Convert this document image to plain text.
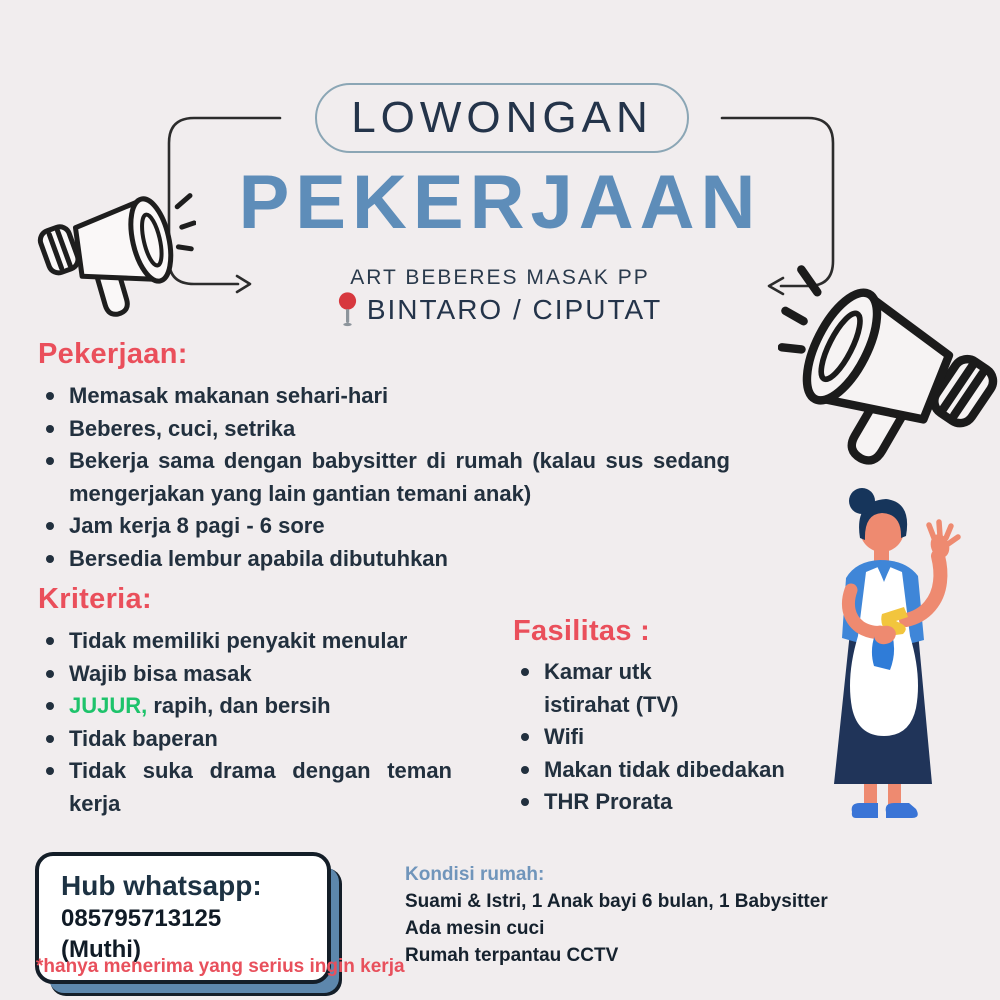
LOWONGAN
PEKERJAAN
ART BEBERES MASAK PP
BINTARO / CIPUTAT
Pekerjaan:
Memasak makanan sehari-hari
Beberes, cuci, setrika
Bekerja sama dengan babysitter di rumah (kalau sus sedang mengerjakan yang lain gantian temani anak)
Jam kerja 8 pagi - 6 sore
Bersedia lembur apabila dibutuhkan
Kriteria:
Tidak memiliki penyakit menular
Wajib bisa masak
JUJUR, rapih, dan bersih
Tidak baperan
Tidak suka drama dengan teman kerja
Fasilitas :
Kamar utk istirahat (TV)
Wifi
Makan tidak dibedakan
THR Prorata
Hub whatsapp:
085795713125 (Muthi)
*hanya menerima yang serius ingin kerja
Kondisi rumah:

Suami & Istri, 1 Anak bayi 6 bulan, 1 Babysitter

Ada mesin cuci

Rumah terpantau CCTV
